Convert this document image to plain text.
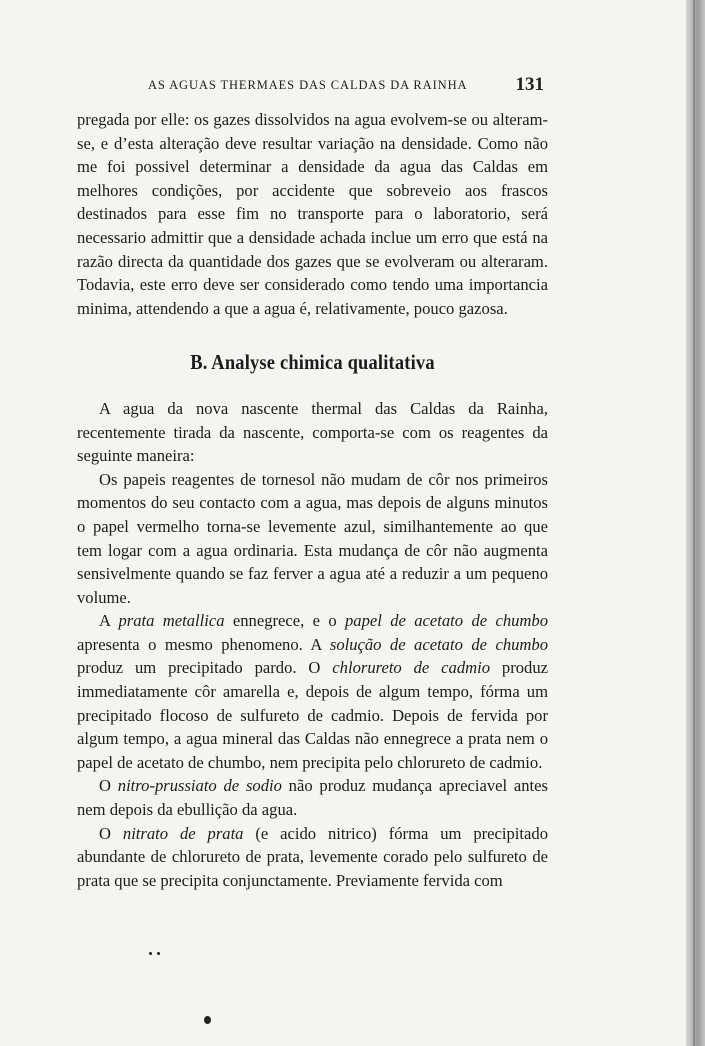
AS AGUAS THERMAES DAS CALDAS DA RAINHA	131

pregada por elle: os gazes dissolvidos na agua evolvem-se ou alteram-se, e d’esta alteração deve resultar variação na densidade. Como não me foi possivel determinar a densidade da agua das Caldas em melhores condições, por accidente que sobreveio aos frascos destinados para esse fim no transporte para o laboratorio, será necessario admittir que a densidade achada inclue um erro que está na razão directa da quantidade dos gazes que se evolveram ou alteraram. Todavia, este erro deve ser considerado como tendo uma importancia minima, attendendo a que a agua é, relativamente, pouco gazosa.

B. Analyse chimica qualitativa

A agua da nova nascente thermal das Caldas da Rainha, recentemente tirada da nascente, comporta-se com os reagentes da seguinte maneira:

Os papeis reagentes de tornesol não mudam de côr nos primeiros momentos do seu contacto com a agua, mas depois de alguns minutos o papel vermelho torna-se levemente azul, similhantemente ao que tem logar com a agua ordinaria. Esta mudança de côr não augmenta sensivelmente quando se faz ferver a agua até a reduzir a um pequeno volume.

A prata metallica ennegrece, e o papel de acetato de chumbo apresenta o mesmo phenomeno. A solução de acetato de chumbo produz um precipitado pardo. O chlorureto de cadmio produz immediatamente côr amarella e, depois de algum tempo, fórma um precipitado flocoso de sulfureto de cadmio. Depois de fervida por algum tempo, a agua mineral das Caldas não ennegrece a prata nem o papel de acetato de chumbo, nem precipita pelo chlorureto de cadmio.

O nitro-prussiato de sodio não produz mudança apreciavel antes nem depois da ebullição da agua.

O nitrato de prata (e acido nitrico) fórma um precipitado abundante de chlorureto de prata, levemente corado pelo sulfureto de prata que se precipita conjunctamente. Previamente fervida com
